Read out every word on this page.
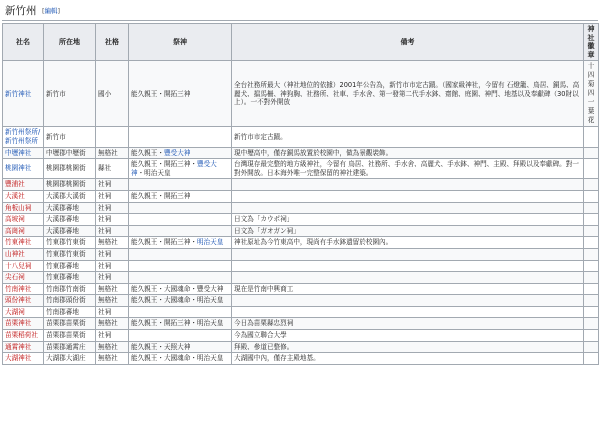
新竹州 [編輯]
社名	所在地	社格	祭神	備考	神社徽章
新竹神社	新竹市	國小	能久親王・開拓三神	全台社務所最大（神社地位的依據）2001年公告為，新竹市市定古蹟。（國家級神社，今留有 石燈籠、鳥居、銅馬、高麗犬、擋馬柵、神狗胸、社務所、社車、手水舍、第一發第二代手水鉢、齋館、庭園、神門、地基以及奉獻碑（30財以上）。一不對外開放	十四菊四一葉花
新竹州祭所/新竹州祭所	新竹市			新竹市市定古蹟。	
中壢神社	中壢郡中壢街	無格社	能久親王・豐受大神	現中壢高中，僅存銅馬放置於校園中，做為景觀裝飾。	
桃園神社	桃園郡桃園街	縣社	能久親王・開拓三神・豐受大神・明治天皇	台灣現存最完整的地方級神社，今留有 鳥居、社務所、手水舍、高麗犬、手水鉢、神門、主殿、拜殿以及奉獻碑。對一對外開放。日本海外唯一完整保留的神社建築。	
豐浦社	桃園郡桃園街	社祠			
大溪社	大溪郡大溪街	社祠	能久親王・開拓三神		
角板山祠	大溪郡蕃地	社祠			
高坡祠	大溪郡蕃地	社祠		日文為「カウポ祠」	
高崗祠	大溪郡蕃地	社祠		日文為「ガオガン祠」	
竹東神社	竹東郡竹東街	無格社	能久親王・開拓三神・明治天皇	神社原址為今竹東高中，現尚有手水鉢遺留於校園內。	
山神社	竹東郡竹東街	社祠			
十八兒祠	竹東郡蕃地	社祠			
尖石祠	竹東郡蕃地	社祠			
竹南神社	竹南郡竹南街	無格社	能久親王・大國魂命・豐受大神	現在是竹南中興商工	
頭份神社	竹南郡頭份街	無格社	能久親王・大國魂命・明治天皇		
大湖祠	竹南郡蕃地	社祠			
苗栗神社	苗栗郡苗栗街	無格社	能久親王・開拓三神・明治天皇	今日為苗栗縣忠烈祠	
苗栗稻荷社	苗栗郡苗栗街	社祠		今為國立聯合大學	
通霄神社	苗栗郡通霄庄	無格社	能久親王・天照大神	拜殿、參道已整修。	
大湖神社	大湖郡大湖庄	無格社	能久親王・大國魂命・明治天皇	大湖國中內，僅存主殿地基。	
